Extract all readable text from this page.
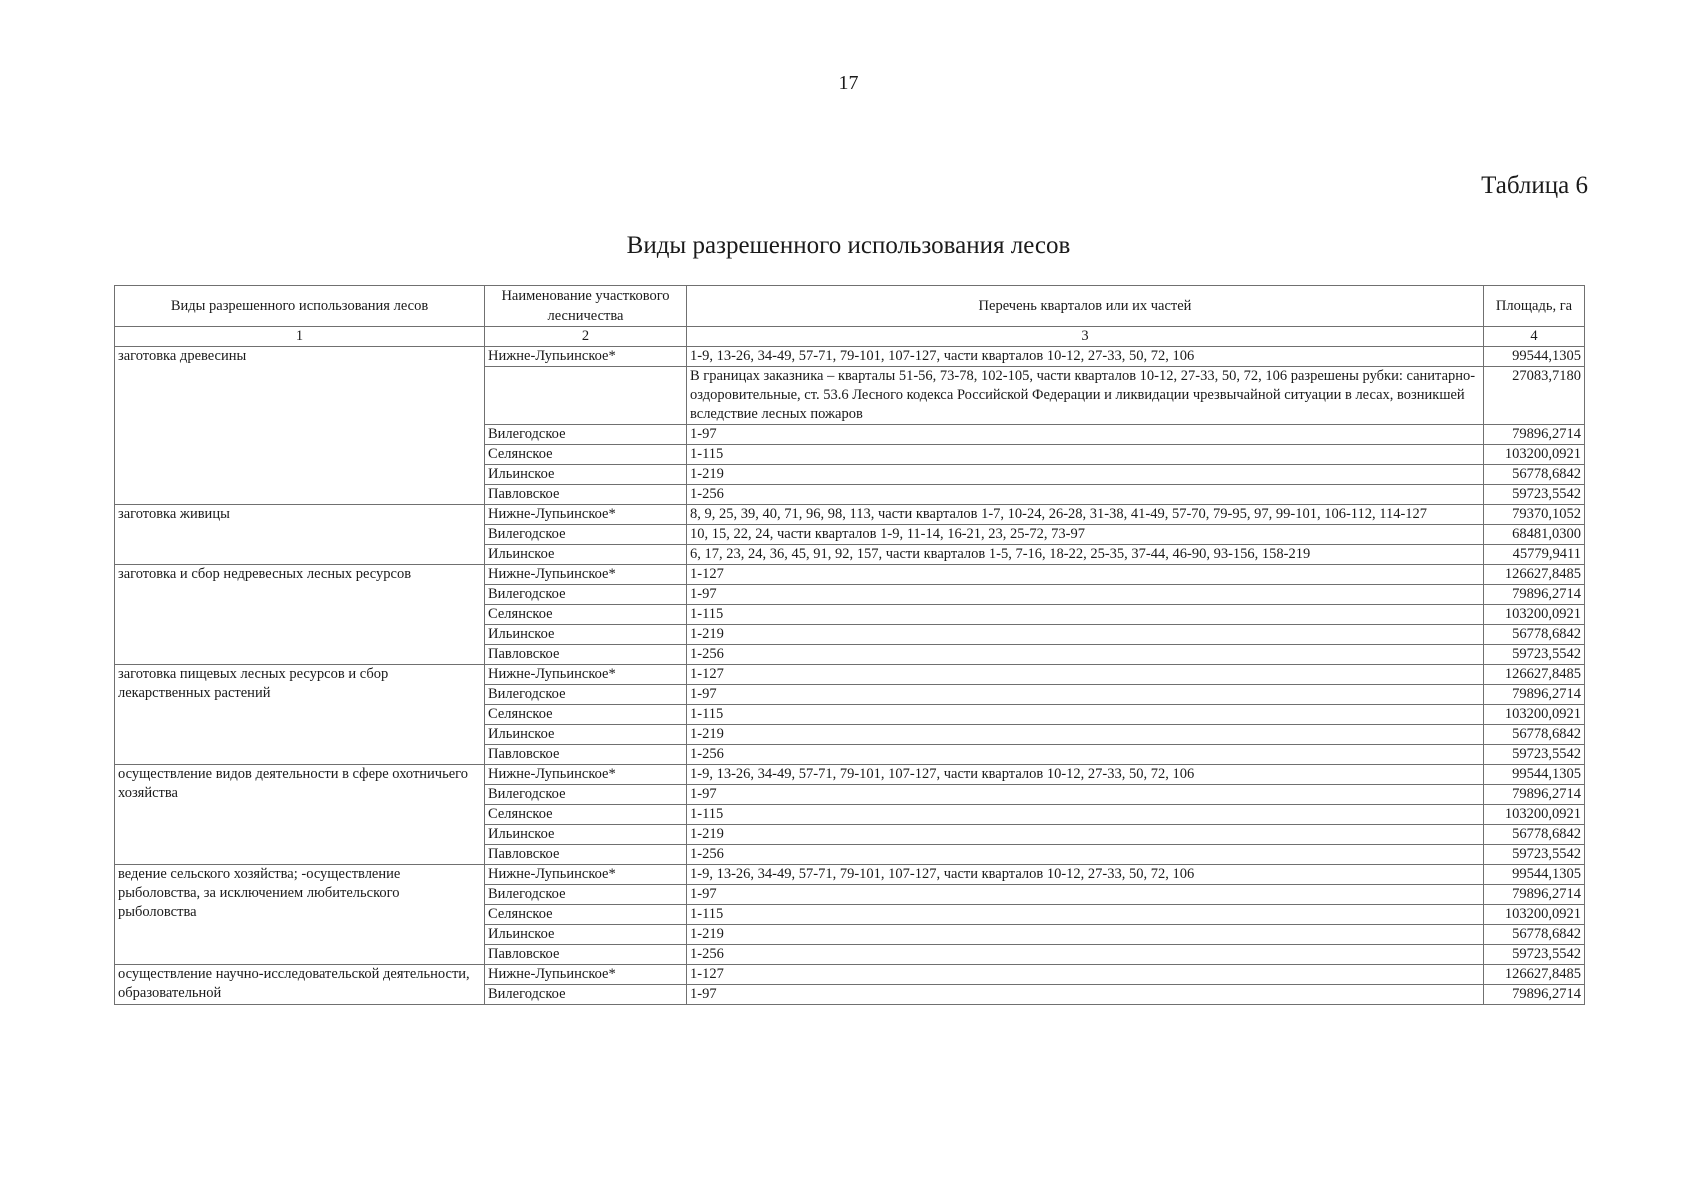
17
Таблица 6
Виды разрешенного использования лесов
Виды разрешенного использования лесов	Наименование участкового лесничества	Перечень кварталов или их частей	Площадь, га
1	2	3	4
заготовка древесины	Нижне-Лупьинское*	1-9, 13-26, 34-49, 57-71, 79-101, 107-127, части кварталов 10-12, 27-33, 50, 72, 106	99544,1305
		В границах заказника – кварталы 51-56, 73-78, 102-105, части кварталов 10-12, 27-33, 50, 72, 106 разрешены рубки: санитарно-оздоровительные, ст. 53.6 Лесного кодекса Российской Федерации и ликвидации чрезвычайной ситуации в лесах, возникшей вследствие лесных пожаров	27083,7180
	Вилегодское	1-97	79896,2714
	Селянское	1-115	103200,0921
	Ильинское	1-219	56778,6842
	Павловское	1-256	59723,5542
заготовка живицы	Нижне-Лупьинское*	8, 9, 25, 39, 40, 71, 96, 98, 113, части кварталов 1-7, 10-24, 26-28, 31-38, 41-49, 57-70, 79-95, 97, 99-101, 106-112, 114-127	79370,1052
	Вилегодское	10, 15, 22, 24, части кварталов 1-9, 11-14, 16-21, 23, 25-72, 73-97	68481,0300
	Ильинское	6, 17, 23, 24, 36, 45, 91, 92, 157, части кварталов 1-5, 7-16, 18-22, 25-35, 37-44, 46-90, 93-156, 158-219	45779,9411
заготовка и сбор недревесных лесных ресурсов	Нижне-Лупьинское*	1-127	126627,8485
	Вилегодское	1-97	79896,2714
	Селянское	1-115	103200,0921
	Ильинское	1-219	56778,6842
	Павловское	1-256	59723,5542
заготовка пищевых лесных ресурсов и сбор лекарственных растений	Нижне-Лупьинское*	1-127	126627,8485
	Вилегодское	1-97	79896,2714
	Селянское	1-115	103200,0921
	Ильинское	1-219	56778,6842
	Павловское	1-256	59723,5542
осуществление видов деятельности в сфере охотничьего хозяйства	Нижне-Лупьинское*	1-9, 13-26, 34-49, 57-71, 79-101, 107-127, части кварталов 10-12, 27-33, 50, 72, 106	99544,1305
	Вилегодское	1-97	79896,2714
	Селянское	1-115	103200,0921
	Ильинское	1-219	56778,6842
	Павловское	1-256	59723,5542
ведение сельского хозяйства; -осуществление рыболовства, за исключением любительского рыболовства	Нижне-Лупьинское*	1-9, 13-26, 34-49, 57-71, 79-101, 107-127, части кварталов 10-12, 27-33, 50, 72, 106	99544,1305
	Вилегодское	1-97	79896,2714
	Селянское	1-115	103200,0921
	Ильинское	1-219	56778,6842
	Павловское	1-256	59723,5542
осуществление научно-исследовательской деятельности, образовательной	Нижне-Лупьинское*	1-127	126627,8485
	Вилегодское	1-97	79896,2714
